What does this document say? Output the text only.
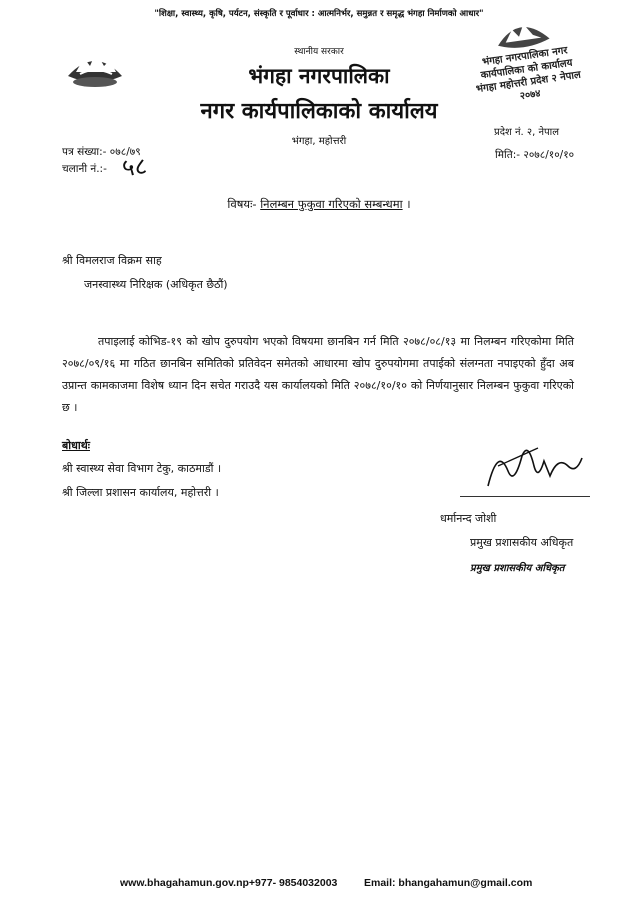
"शिक्षा, स्वास्थ्य, कृषि, पर्यटन, संस्कृति र पूर्वाधार : आत्मनिर्भर, समुन्नत र समृद्ध भंगहा निर्माणको आधार"
स्थानीय सरकार
भंगहा नगरपालिका
नगर कार्यपालिकाको कार्यालय
भंगहा, महोत्तरी
भंगहा नगरपालिका नगर कार्यपालिका को कार्यालय भंगहा महोत्तरी प्रदेश २ नेपाल २०७४
प्रदेश नं. २, नेपाल
पत्र संख्या:- ०७८/७९
चलानी नं.:- ५८	मिति:- २०७८/१०/१०
विषयः- निलम्बन फुकुवा गरिएको सम्बन्धमा ।
श्री विमलराज विक्रम साह
जनस्वास्थ्य निरिक्षक (अधिकृत छैठौं)
तपाइलाई कोभिड-१९ को खोप दुरुपयोग भएको विषयमा छानबिन गर्न मिति २०७८/०८/१३ मा निलम्बन गरिएकोमा मिति २०७८/०९/१६ मा गठित छानबिन समितिको प्रतिवेदन समेतको आधारमा खोप दुरुपयोगमा तपाईको संलग्नता नपाइएको हुँदा अब उप्रान्त कामकाजमा विशेष ध्यान दिन सचेत गराउदै यस कार्यालयको मिति २०७८/१०/१० को निर्णयानुसार निलम्बन फुकुवा गरिएको छ ।
बोधार्थः
श्री स्वास्थ्य सेवा विभाग टेकु, काठमाडौं ।
श्री जिल्ला प्रशासन कार्यालय, महोत्तरी ।
धर्मानन्द जोशी
प्रमुख प्रशासकीय अधिकृत
प्रमुख प्रशासकीय अधिकृत
www.bhagahamun.gov.np+977- 9854032003	Email: bhangahamun@gmail.com
